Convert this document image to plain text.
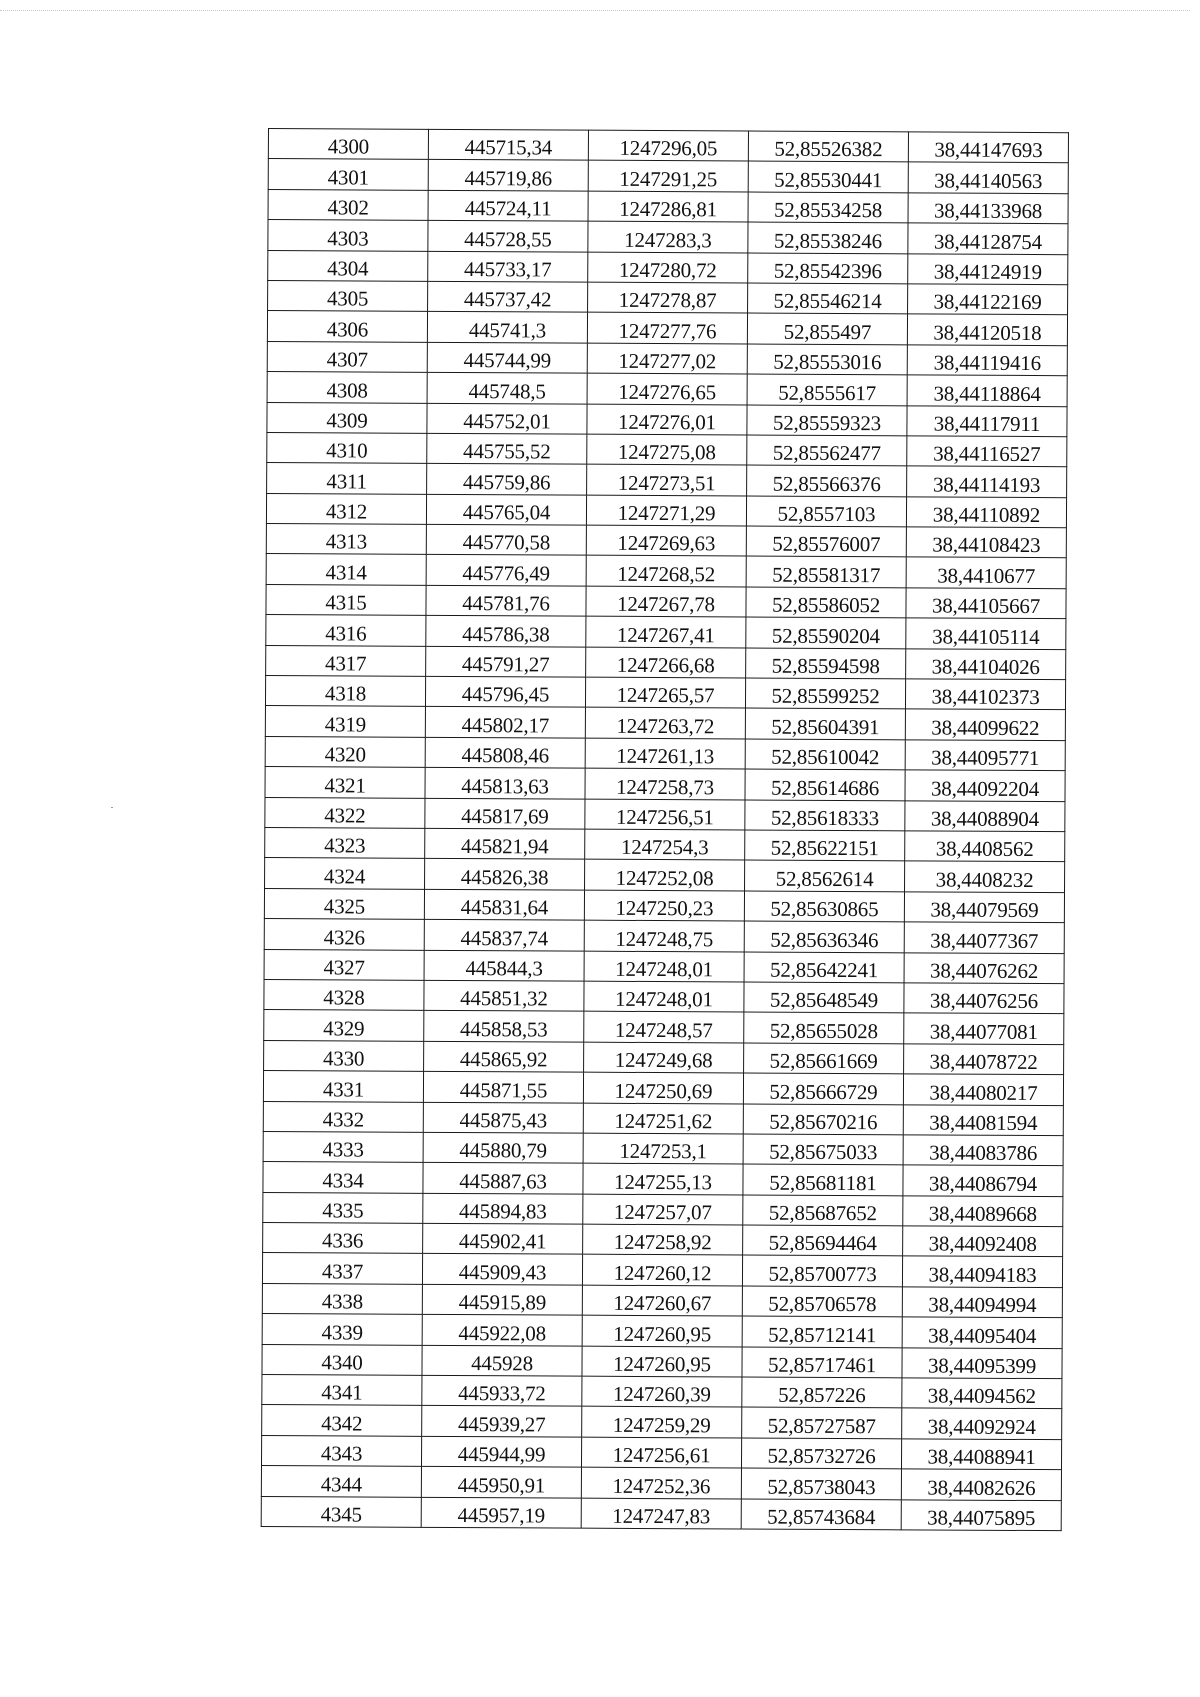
4300	445715,34	1247296,05	52,85526382	38,44147693
4301	445719,86	1247291,25	52,85530441	38,44140563
4302	445724,11	1247286,81	52,85534258	38,44133968
4303	445728,55	1247283,3	52,85538246	38,44128754
4304	445733,17	1247280,72	52,85542396	38,44124919
4305	445737,42	1247278,87	52,85546214	38,44122169
4306	445741,3	1247277,76	52,855497	38,44120518
4307	445744,99	1247277,02	52,85553016	38,44119416
4308	445748,5	1247276,65	52,8555617	38,44118864
4309	445752,01	1247276,01	52,85559323	38,44117911
4310	445755,52	1247275,08	52,85562477	38,44116527
4311	445759,86	1247273,51	52,85566376	38,44114193
4312	445765,04	1247271,29	52,8557103	38,44110892
4313	445770,58	1247269,63	52,85576007	38,44108423
4314	445776,49	1247268,52	52,85581317	38,4410677
4315	445781,76	1247267,78	52,85586052	38,44105667
4316	445786,38	1247267,41	52,85590204	38,44105114
4317	445791,27	1247266,68	52,85594598	38,44104026
4318	445796,45	1247265,57	52,85599252	38,44102373
4319	445802,17	1247263,72	52,85604391	38,44099622
4320	445808,46	1247261,13	52,85610042	38,44095771
4321	445813,63	1247258,73	52,85614686	38,44092204
4322	445817,69	1247256,51	52,85618333	38,44088904
4323	445821,94	1247254,3	52,85622151	38,4408562
4324	445826,38	1247252,08	52,8562614	38,4408232
4325	445831,64	1247250,23	52,85630865	38,44079569
4326	445837,74	1247248,75	52,85636346	38,44077367
4327	445844,3	1247248,01	52,85642241	38,44076262
4328	445851,32	1247248,01	52,85648549	38,44076256
4329	445858,53	1247248,57	52,85655028	38,44077081
4330	445865,92	1247249,68	52,85661669	38,44078722
4331	445871,55	1247250,69	52,85666729	38,44080217
4332	445875,43	1247251,62	52,85670216	38,44081594
4333	445880,79	1247253,1	52,85675033	38,44083786
4334	445887,63	1247255,13	52,85681181	38,44086794
4335	445894,83	1247257,07	52,85687652	38,44089668
4336	445902,41	1247258,92	52,85694464	38,44092408
4337	445909,43	1247260,12	52,85700773	38,44094183
4338	445915,89	1247260,67	52,85706578	38,44094994
4339	445922,08	1247260,95	52,85712141	38,44095404
4340	445928	1247260,95	52,85717461	38,44095399
4341	445933,72	1247260,39	52,857226	38,44094562
4342	445939,27	1247259,29	52,85727587	38,44092924
4343	445944,99	1247256,61	52,85732726	38,44088941
4344	445950,91	1247252,36	52,85738043	38,44082626
4345	445957,19	1247247,83	52,85743684	38,44075895
